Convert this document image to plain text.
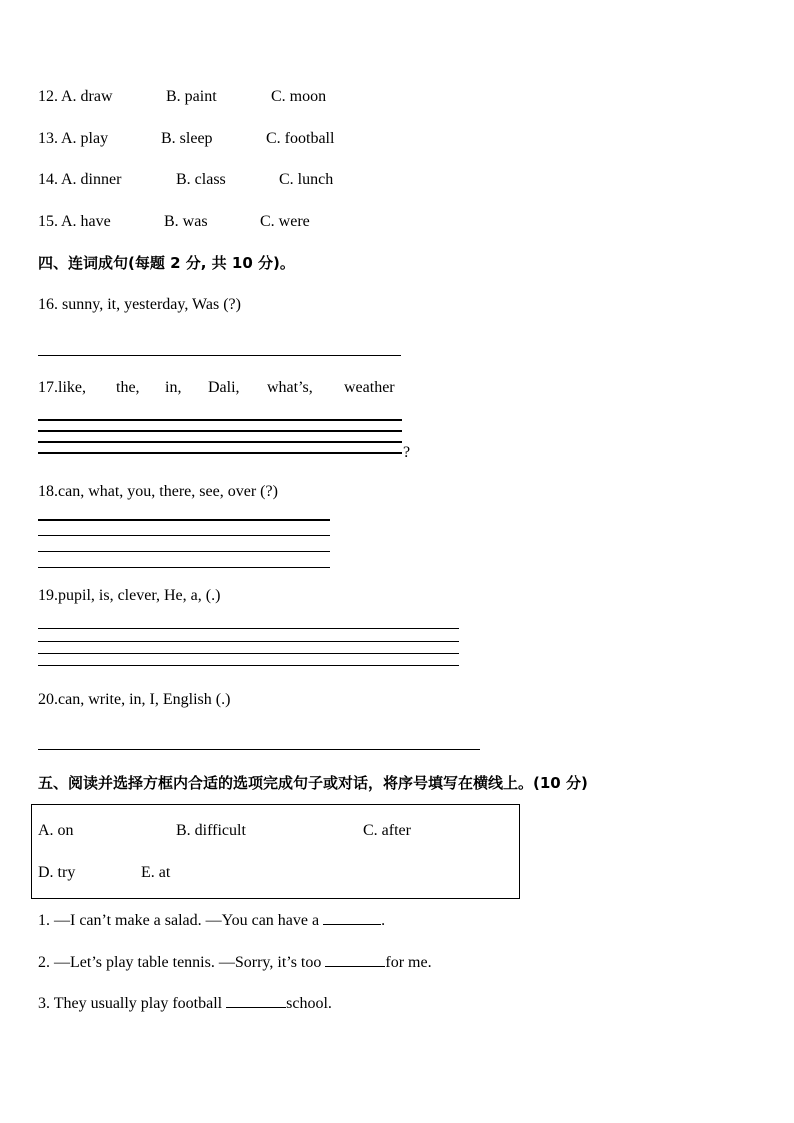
12. A. draw	B. paint	C. moon
13. A. play	B. sleep	C. football
14. A. dinner	B. class	C. lunch
15. A. have	B. was	C. were
四、连词成句(每题 2 分, 共 10 分)。
16. sunny, it, yesterday, Was (?)
17.like, the, in, Dali, what’s, weather
?
18.can, what, you, there, see, over (?)
19.pupil, is, clever, He, a, (.)
20.can, write, in, I, English (.)
五、阅读并选择方框内合适的选项完成句子或对话，将序号填写在横线上。(10 分)
A. on	B. difficult	C. after
D. try	E. at
1. —I can’t make a salad. —You can have a	.
2. —Let’s play table tennis. —Sorry, it’s too	for me.
3. They usually play football	school.
